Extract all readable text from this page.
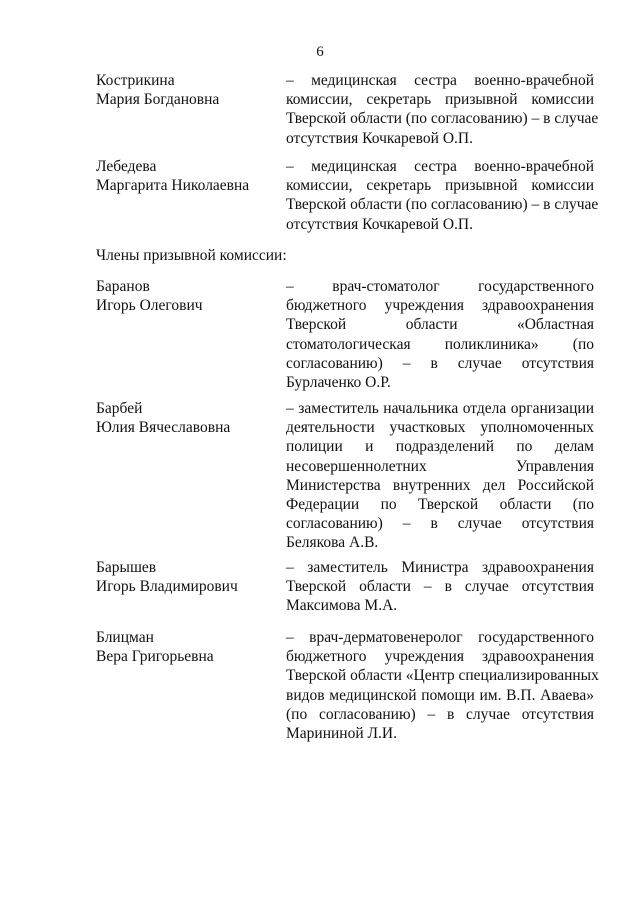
6
Кострикина
Мария Богдановна
– медицинская сестра военно-врачебной
комиссии, секретарь призывной комиссии
Тверской области (по согласованию) – в случае
отсутствия Кочкаревой О.П.
Лебедева
Маргарита Николаевна
– медицинская сестра военно-врачебной
комиссии, секретарь призывной комиссии
Тверской области (по согласованию) – в случае
отсутствия Кочкаревой О.П.
Члены призывной комиссии:
Баранов
Игорь Олегович
– врач-стоматолог государственного
бюджетного учреждения здравоохранения
Тверской области «Областная
стоматологическая поликлиника» (по
согласованию) – в случае отсутствия
Бурлаченко О.Р.
Барбей
Юлия Вячеславовна
– заместитель начальника отдела организации
деятельности участковых уполномоченных
полиции и подразделений по делам
несовершеннолетних Управления
Министерства внутренних дел Российской
Федерации по Тверской области (по
согласованию) – в случае отсутствия
Белякова А.В.
Барышев
Игорь Владимирович
– заместитель Министра здравоохранения
Тверской области – в случае отсутствия
Максимова М.А.
Блицман
Вера Григорьевна
– врач-дерматовенеролог государственного
бюджетного учреждения здравоохранения
Тверской области «Центр специализированных
видов медицинской помощи им. В.П. Аваева»
(по согласованию) – в случае отсутствия
Марининой Л.И.
